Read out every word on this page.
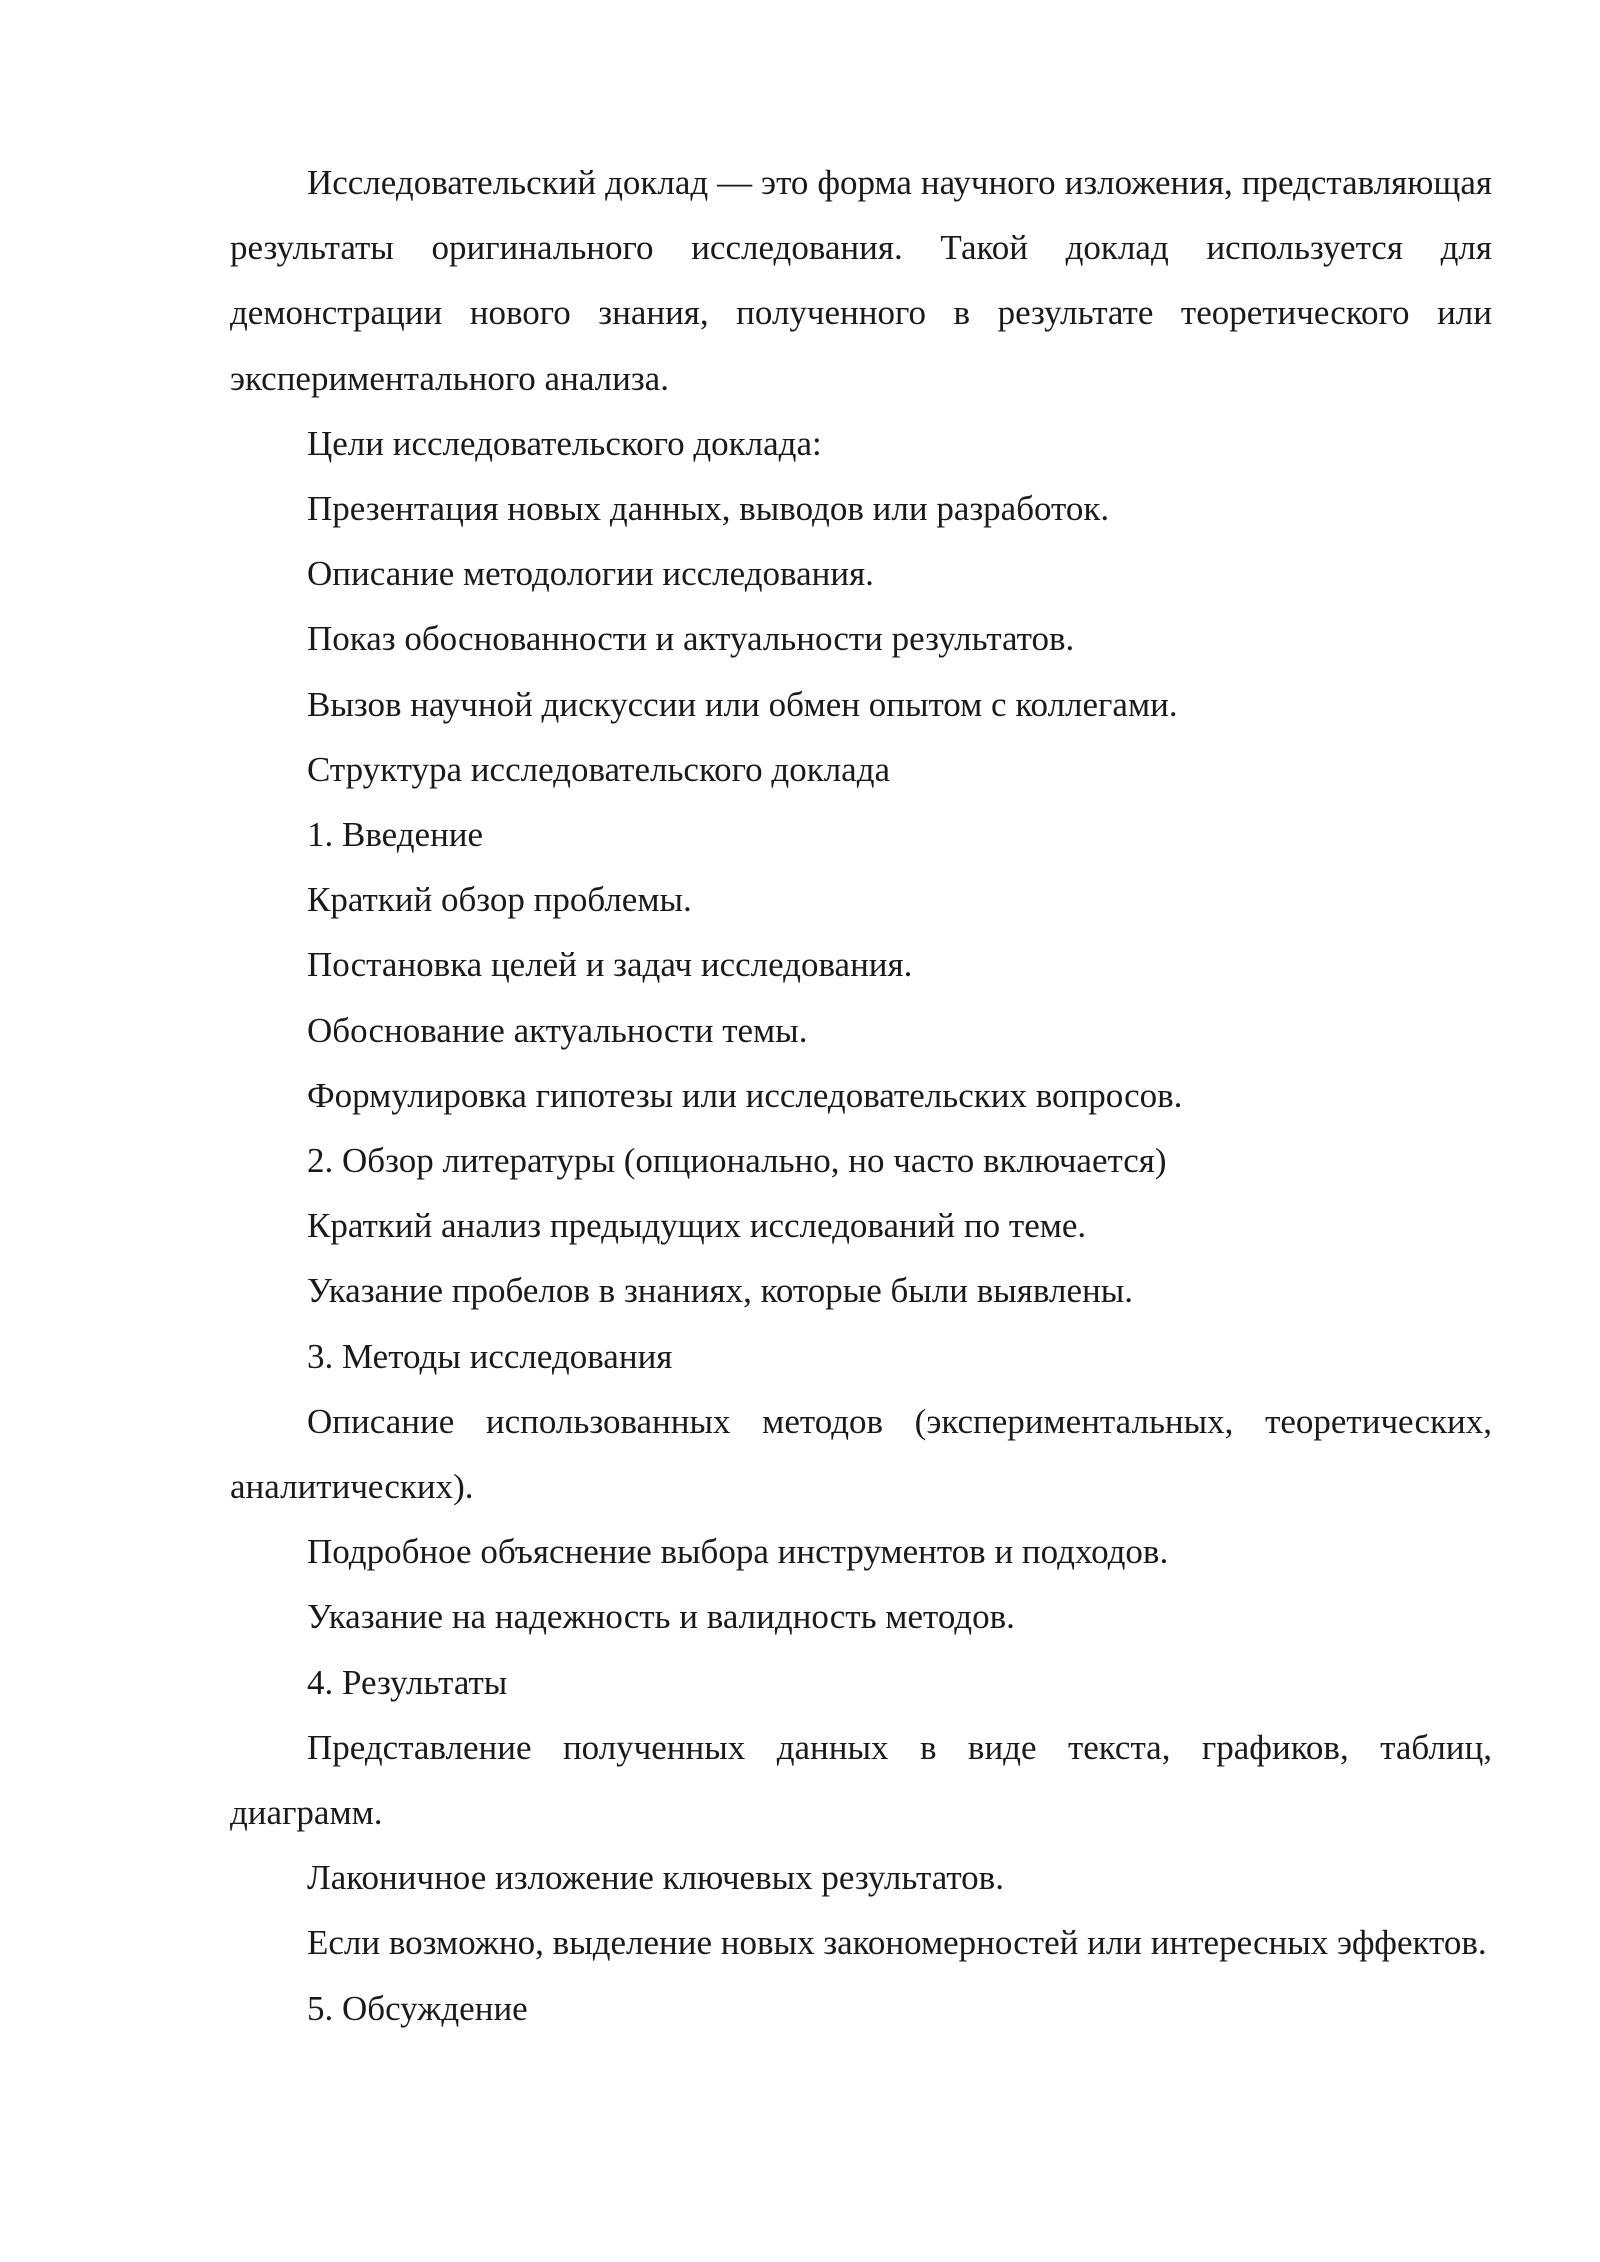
Исследовательский доклад — это форма научного изложения, представляющая результаты оригинального исследования. Такой доклад используется для демонстрации нового знания, полученного в результате теоретического или экспериментального анализа.

Цели исследовательского доклада:

Презентация новых данных, выводов или разработок.

Описание методологии исследования.

Показ обоснованности и актуальности результатов.

Вызов научной дискуссии или обмен опытом с коллегами.

Структура исследовательского доклада

1. Введение

Краткий обзор проблемы.

Постановка целей и задач исследования.

Обоснование актуальности темы.

Формулировка гипотезы или исследовательских вопросов.

2. Обзор литературы (опционально, но часто включается)

Краткий анализ предыдущих исследований по теме.

Указание пробелов в знаниях, которые были выявлены.

3. Методы исследования

Описание использованных методов (экспериментальных, теоретических, аналитических).

Подробное объяснение выбора инструментов и подходов.

Указание на надежность и валидность методов.

4. Результаты

Представление полученных данных в виде текста, графиков, таблиц, диаграмм.

Лаконичное изложение ключевых результатов.

Если возможно, выделение новых закономерностей или интересных эффектов.

5. Обсуждение
